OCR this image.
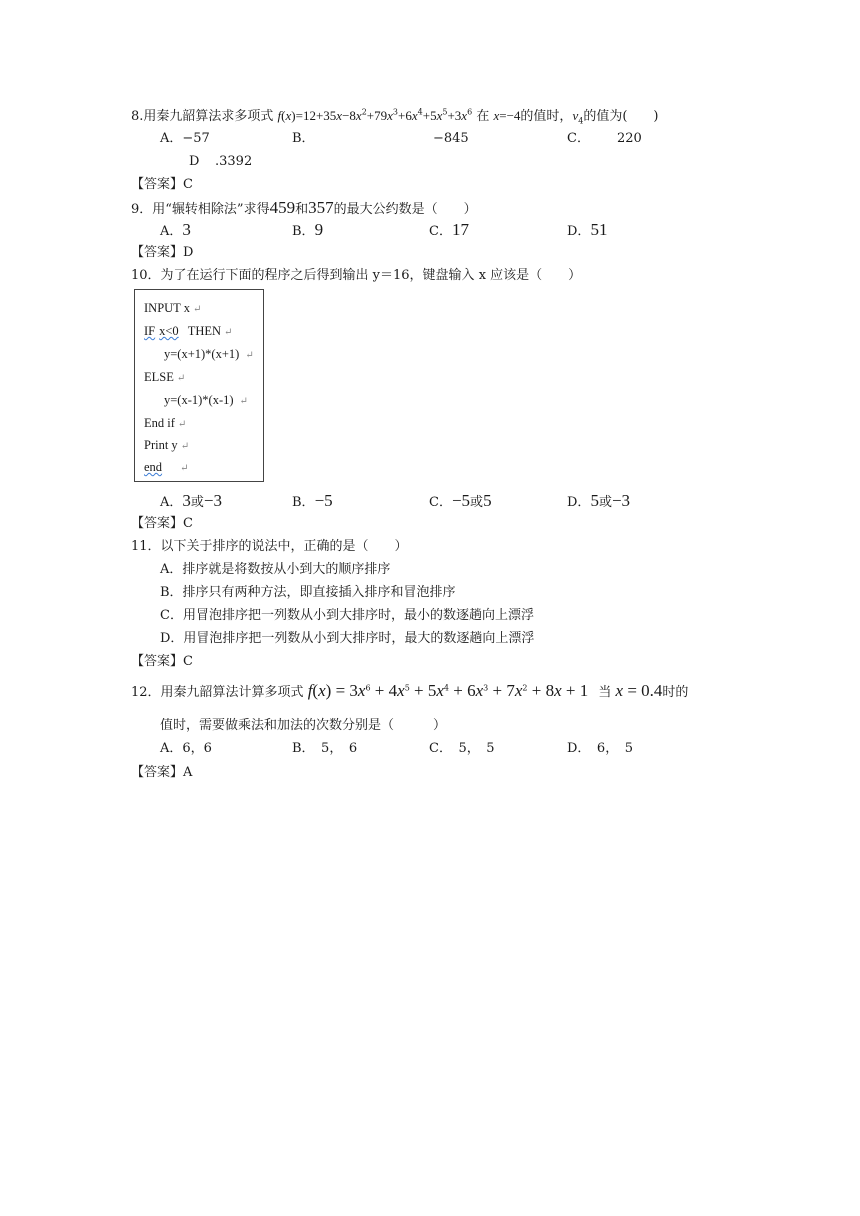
8.用秦九韶算法求多项式 $f(x)=12+35x-8x^2+79x^3+6x^4+5x^5+3x^6$ 在 x=−4的值时，$v_4$的值为(　　)
A．−57	B．	−845	C． 220
D .3392
【答案】C
9．用“辗转相除法”求得459和357的最大公约数是（　　）
A．3	B．9	C．17	D．51
【答案】D
10．为了在运行下面的程序之后得到输出 y＝16，键盘输入 x 应该是（　　）
INPUT x ↵
IF x<0 THEN ↵
y=(x+1)*(x+1) ↵
ELSE ↵
y=(x-1)*(x-1) ↵
End if ↵
Print y ↵
end ↵
A．3或−3	B．−5	C．−5或5	D．5或−3
【答案】C
11．以下关于排序的说法中，正确的是（　　）
A．排序就是将数按从小到大的顺序排序
B．排序只有两种方法，即直接插入排序和冒泡排序
C．用冒泡排序把一列数从小到大排序时，最小的数逐趟向上漂浮
D．用冒泡排序把一列数从小到大排序时，最大的数逐趟向上漂浮
【答案】C
12．用秦九韶算法计算多项式 $f(x) = 3x^6 + 4x^5 + 5x^4 + 6x^3 + 7x^2 + 8x + 1$ 当 x = 0.4时的
值时，需要做乘法和加法的次数分别是（　　　）
A．6，6	B．　5，　6	C．　5，　5	D．　6，　5
【答案】A
